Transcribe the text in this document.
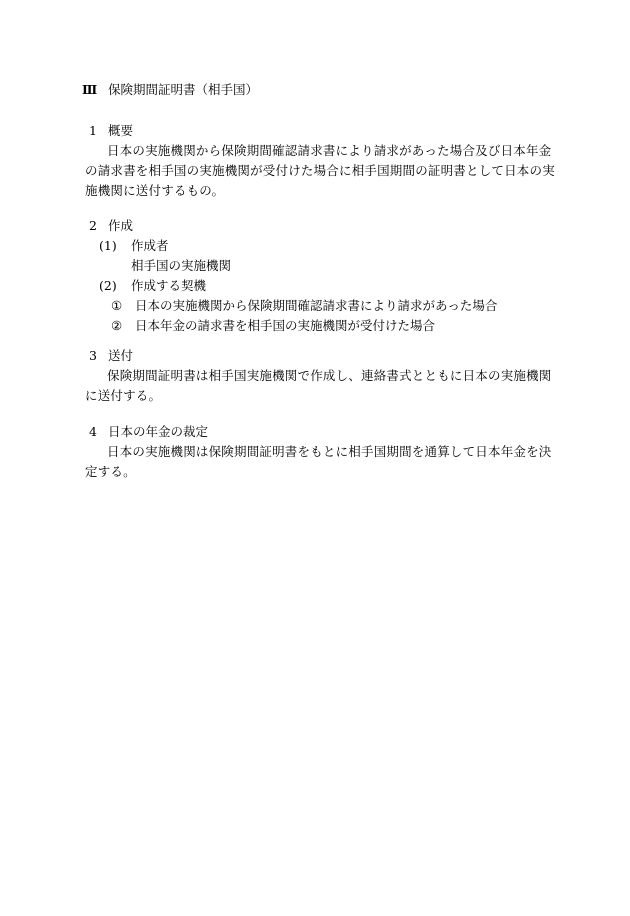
Ⅲ 保険期間証明書（相手国）
1 概要

日本の実施機関から保険期間確認請求書により請求があった場合及び日本年金の請求書を相手国の実施機関が受付けた場合に相手国期間の証明書として日本の実施機関に送付するもの。

2 作成
(1) 作成者
相手国の実施機関
(2) 作成する契機
① 日本の実施機関から保険期間確認請求書により請求があった場合
② 日本年金の請求書を相手国の実施機関が受付けた場合
3 送付

保険期間証明書は相手国実施機関で作成し、連絡書式とともに日本の実施機関に送付する。

4 日本の年金の裁定

日本の実施機関は保険期間証明書をもとに相手国期間を通算して日本年金を決定する。
